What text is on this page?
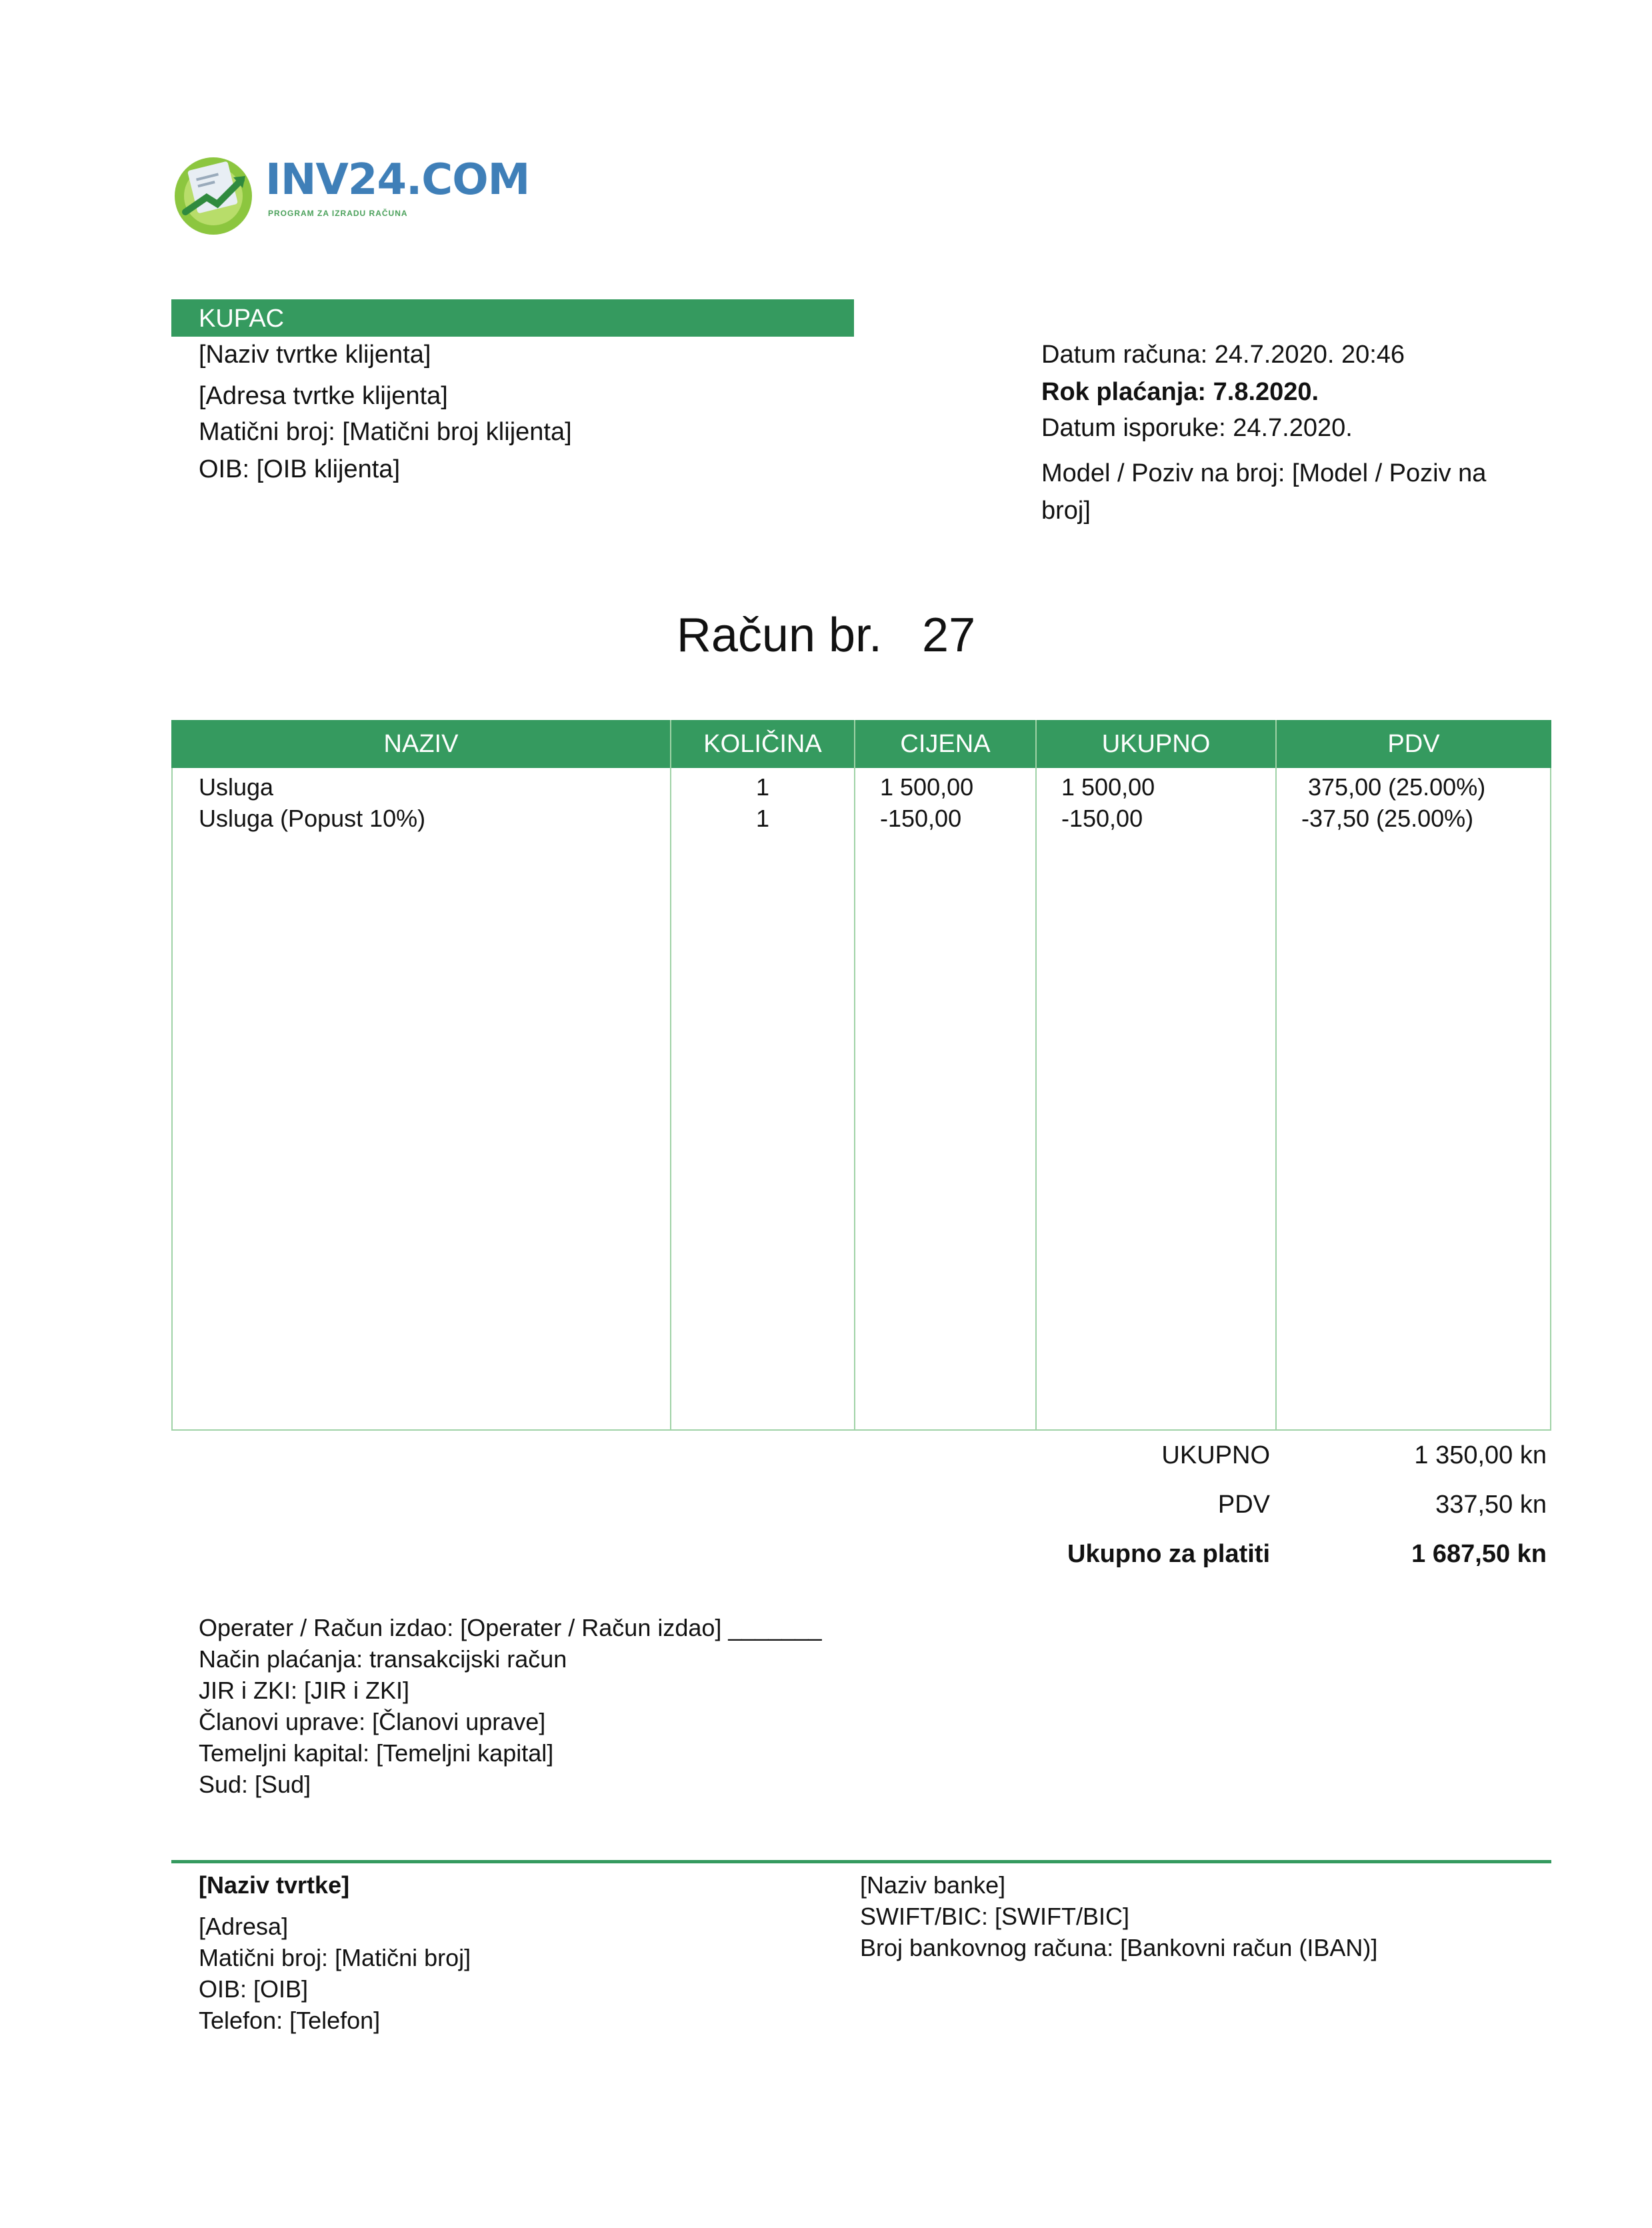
INV24.COM
PROGRAM ZA IZRADU RAČUNA
KUPAC
[Naziv tvrtke klijenta]
[Adresa tvrtke klijenta]
Matični broj: [Matični broj klijenta]
OIB: [OIB klijenta]
Datum računa: 24.7.2020. 20:46
Rok plaćanja: 7.8.2020.
Datum isporuke: 24.7.2020.
Model / Poziv na broj: [Model / Poziv na broj]
Račun br.   27
NAZIV	KOLIČINA	CIJENA	UKUPNO	PDV
Usluga	1	1 500,00	1 500,00	375,00 (25.00%)
Usluga (Popust 10%)	1	-150,00	-150,00	-37,50 (25.00%)
UKUPNO	1 350,00 kn
PDV	337,50 kn
Ukupno za platiti	1 687,50 kn
Operater / Račun izdao: [Operater / Račun izdao] _______
Način plaćanja: transakcijski račun
JIR i ZKI: [JIR i ZKI]
Članovi uprave: [Članovi uprave]
Temeljni kapital: [Temeljni kapital]
Sud: [Sud]
[Naziv tvrtke]
[Adresa]
Matični broj: [Matični broj]
OIB: [OIB]
Telefon: [Telefon]
[Naziv banke]
SWIFT/BIC: [SWIFT/BIC]
Broj bankovnog računa: [Bankovni račun (IBAN)]
